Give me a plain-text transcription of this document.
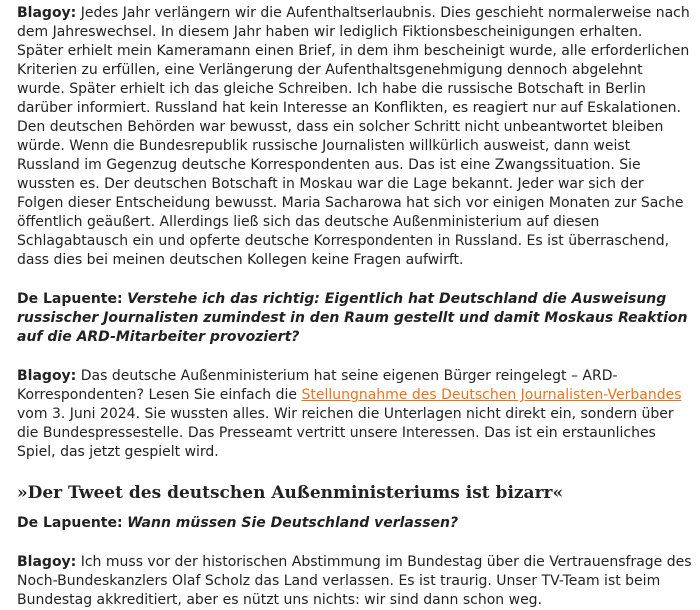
Blagoy: Jedes Jahr verlängern wir die Aufenthaltserlaubnis. Dies geschieht normalerweise nach dem Jahreswechsel. In diesem Jahr haben wir lediglich Fiktionsbescheinigungen erhalten. Später erhielt mein Kameramann einen Brief, in dem ihm bescheinigt wurde, alle erforderlichen Kriterien zu erfüllen, eine Verlängerung der Aufenthaltsgenehmigung dennoch abgelehnt wurde. Später erhielt ich das gleiche Schreiben. Ich habe die russische Botschaft in Berlin darüber informiert. Russland hat kein Interesse an Konflikten, es reagiert nur auf Eskalationen. Den deutschen Behörden war bewusst, dass ein solcher Schritt nicht unbeantwortet bleiben würde. Wenn die Bundesrepublik russische Journalisten willkürlich ausweist, dann weist Russland im Gegenzug deutsche Korrespondenten aus. Das ist eine Zwangssituation. Sie wussten es. Der deutschen Botschaft in Moskau war die Lage bekannt. Jeder war sich der Folgen dieser Entscheidung bewusst. Maria Sacharowa hat sich vor einigen Monaten zur Sache öffentlich geäußert. Allerdings ließ sich das deutsche Außenministerium auf diesen Schlagabtausch ein und opferte deutsche Korrespondenten in Russland. Es ist überraschend, dass dies bei meinen deutschen Kollegen keine Fragen aufwirft.

De Lapuente: Verstehe ich das richtig: Eigentlich hat Deutschland die Ausweisung russischer Journalisten zumindest in den Raum gestellt und damit Moskaus Reaktion auf die ARD-Mitarbeiter provoziert?

Blagoy: Das deutsche Außenministerium hat seine eigenen Bürger reingelegt – ARD-Korrespondenten? Lesen Sie einfach die Stellungnahme des Deutschen Journalisten-Verbandes vom 3. Juni 2024. Sie wussten alles. Wir reichen die Unterlagen nicht direkt ein, sondern über die Bundespressestelle. Das Presseamt vertritt unsere Interessen. Das ist ein erstaunliches Spiel, das jetzt gespielt wird.

»Der Tweet des deutschen Außenministeriums ist bizarr«

De Lapuente: Wann müssen Sie Deutschland verlassen?

Blagoy: Ich muss vor der historischen Abstimmung im Bundestag über die Vertrauensfrage des Noch-Bundeskanzlers Olaf Scholz das Land verlassen. Es ist traurig. Unser TV-Team ist beim Bundestag akkreditiert, aber es nützt uns nichts: wir sind dann schon weg.
